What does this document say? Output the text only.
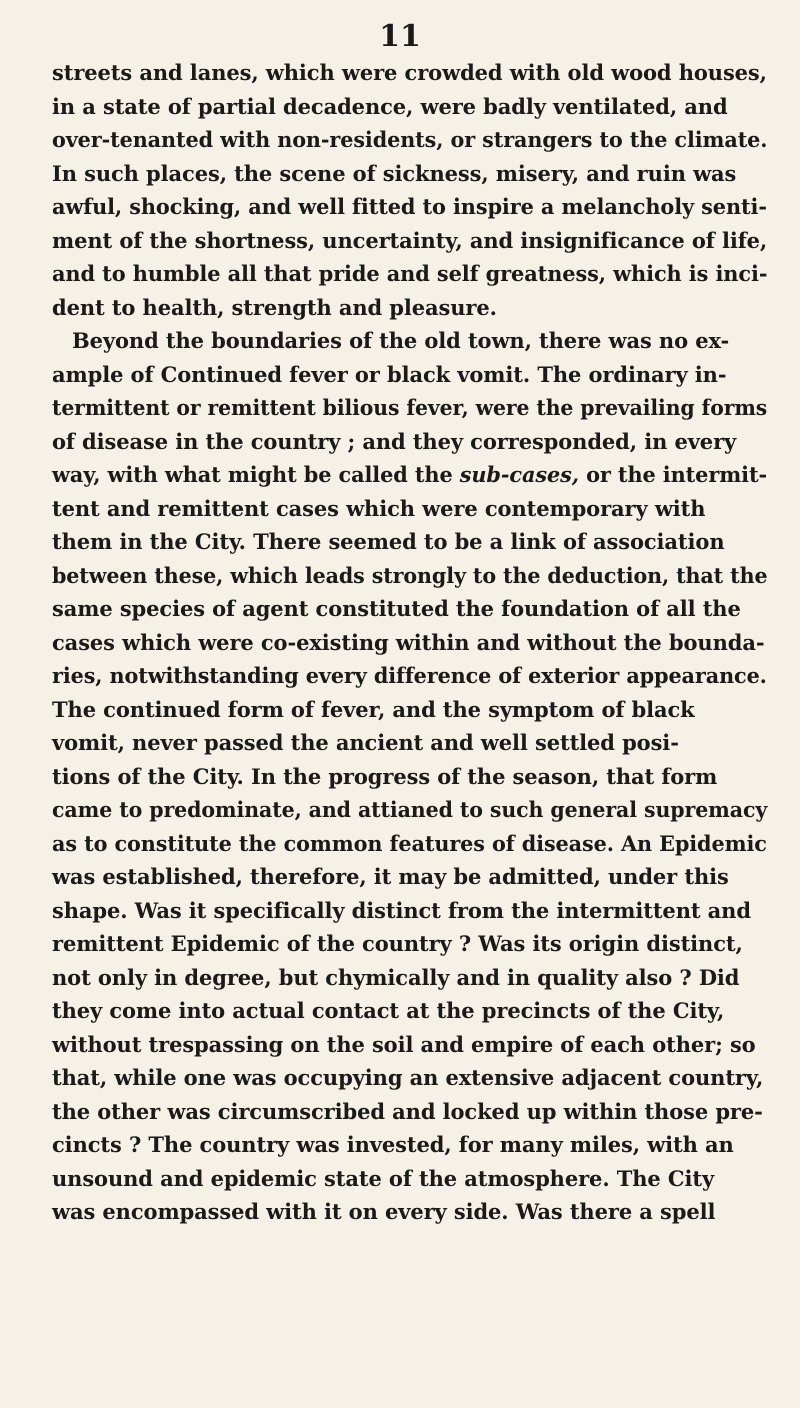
11
streets and lanes, which were crowded with old wood houses,
in a state of partial decadence, were badly ventilated, and
over-tenanted with non-residents, or strangers to the climate.
In such places, the scene of sickness, misery, and ruin was
awful, shocking, and well fitted to inspire a melancholy senti-
ment of the shortness, uncertainty, and insignificance of life,
and to humble all that pride and self greatness, which is inci-
dent to health, strength and pleasure.
Beyond the boundaries of the old town, there was no ex-
ample of Continued fever or black vomit. The ordinary in-
termittent or remittent bilious fever, were the prevailing forms
of disease in the country ; and they corresponded, in every
way, with what might be called the sub-cases, or the intermit-
tent and remittent cases which were contemporary with
them in the City. There seemed to be a link of association
between these, which leads strongly to the deduction, that the
same species of agent constituted the foundation of all the
cases which were co-existing within and without the bounda-
ries, notwithstanding every difference of exterior appearance.
The continued form of fever, and the symptom of black
vomit, never passed the ancient and well settled posi-
tions of the City. In the progress of the season, that form
came to predominate, and attianed to such general supremacy
as to constitute the common features of disease. An Epidemic
was established, therefore, it may be admitted, under this
shape. Was it specifically distinct from the intermittent and
remittent Epidemic of the country ? Was its origin distinct,
not only in degree, but chymically and in quality also ? Did
they come into actual contact at the precincts of the City,
without trespassing on the soil and empire of each other; so
that, while one was occupying an extensive adjacent country,
the other was circumscribed and locked up within those pre-
cincts ? The country was invested, for many miles, with an
unsound and epidemic state of the atmosphere. The City
was encompassed with it on every side. Was there a spell
